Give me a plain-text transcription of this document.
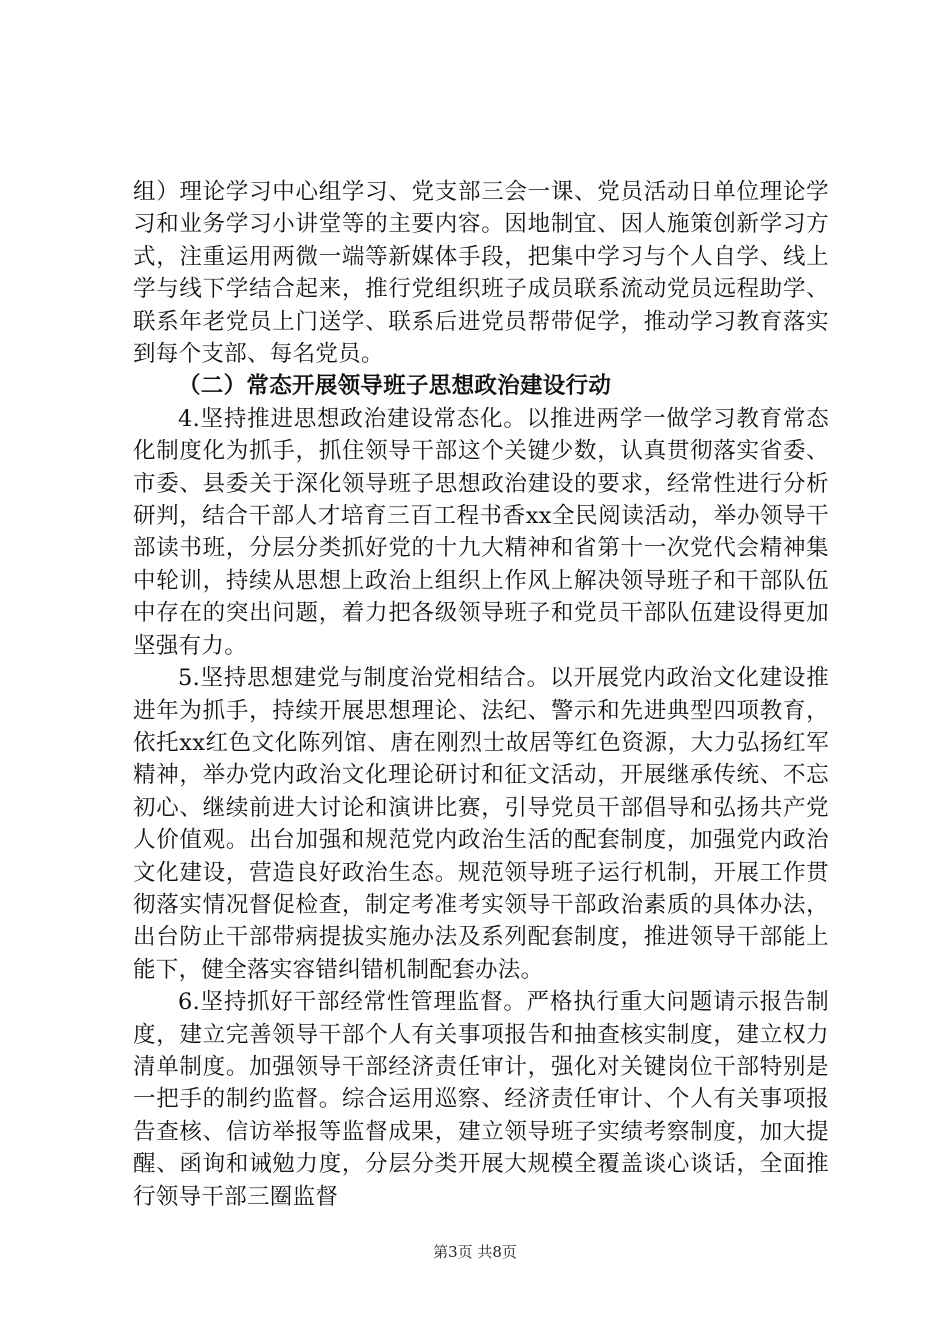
组）理论学习中心组学习、党支部三会一课、党员活动日单位理论学习和业务学习小讲堂等的主要内容。因地制宜、因人施策创新学习方式，注重运用两微一端等新媒体手段，把集中学习与个人自学、线上学与线下学结合起来，推行党组织班子成员联系流动党员远程助学、联系年老党员上门送学、联系后进党员帮带促学，推动学习教育落实到每个支部、每名党员。

（二）常态开展领导班子思想政治建设行动

4.坚持推进思想政治建设常态化。以推进两学一做学习教育常态化制度化为抓手，抓住领导干部这个关键少数，认真贯彻落实省委、市委、县委关于深化领导班子思想政治建设的要求，经常性进行分析研判，结合干部人才培育三百工程书香xx全民阅读活动，举办领导干部读书班，分层分类抓好党的十九大精神和省第十一次党代会精神集中轮训，持续从思想上政治上组织上作风上解决领导班子和干部队伍中存在的突出问题，着力把各级领导班子和党员干部队伍建设得更加坚强有力。

5.坚持思想建党与制度治党相结合。以开展党内政治文化建设推进年为抓手，持续开展思想理论、法纪、警示和先进典型四项教育，依托xx红色文化陈列馆、唐在刚烈士故居等红色资源，大力弘扬红军精神，举办党内政治文化理论研讨和征文活动，开展继承传统、不忘初心、继续前进大讨论和演讲比赛，引导党员干部倡导和弘扬共产党人价值观。出台加强和规范党内政治生活的配套制度，加强党内政治文化建设，营造良好政治生态。规范领导班子运行机制，开展工作贯彻落实情况督促检查，制定考准考实领导干部政治素质的具体办法，出台防止干部带病提拔实施办法及系列配套制度，推进领导干部能上能下，健全落实容错纠错机制配套办法。

6.坚持抓好干部经常性管理监督。严格执行重大问题请示报告制度，建立完善领导干部个人有关事项报告和抽查核实制度，建立权力清单制度。加强领导干部经济责任审计，强化对关键岗位干部特别是一把手的制约监督。综合运用巡察、经济责任审计、个人有关事项报告查核、信访举报等监督成果，建立领导班子实绩考察制度，加大提醒、函询和诫勉力度，分层分类开展大规模全覆盖谈心谈话，全面推行领导干部三圈监督

第3页 共8页
